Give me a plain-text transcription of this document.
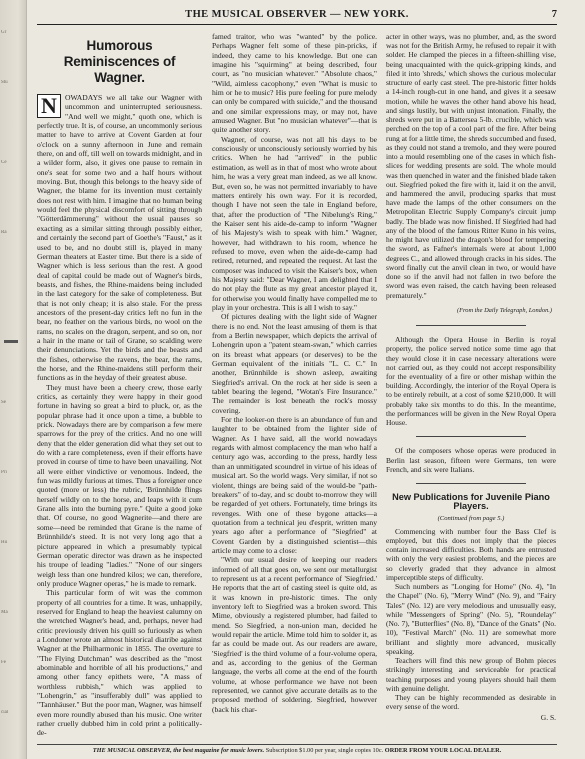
Gr
Stu
Ce
Ra
Se
Pri
Hu
Ma
Fe
cial
THE MUSICAL OBSERVER — NEW YORK.	7
Humorous Reminiscences of Wagner.

N	OWADAYS we all take our Wagner with uncommon and uninterrupted seriousness. "And well we might," quoth one, which is perfectly true. It is, of course, an uncommonly serious matter to have to arrive at Covent Garden at four o'clock on a sunny afternoon in June and remain there, on and off, till well on towards midnight, and in a wilder form, also, it gives one pause to remain in one's seat for some two and a half hours without moving. But, though this belongs to the heavy side of Wagner, the blame for its invention must certainly does not rest with him. I imagine that no human being would feel the physical discomfort of sitting through "Götterdämmerung" without the usual pauses so exacting as a similar sitting through possibly either, and certainly the second part of Goethe's "Faust," as it used to be, and no doubt still is, played in many German theaters at Easter time. But there is a side of Wagner which is less serious than the rest. A good deal of capital could be made out of Wagner's birds, beasts, and fishes, the Rhine-maidens being included in the last category for the sake of completeness. But that is not only cheap; it is also stale. For the press ancestors of the present-day critics left no fun in the bear, no feather on the various birds, no wool on the rams, no scales on the dragon, serpent, and so on, nor a hair in the mane or tail of Grane, so scalding were their denunciations. Yet the birds and the beasts and the fishes, otherwise the ravens, the bear, the rams, the horse, and the Rhine-maidens still perform their functions as in the heyday of their greatest abuse.

They must have been a cheery crew, those early critics, as certainly they were happy in their good fortune in having so great a bird to pluck, or, as the popular phrase had it once upon a time, a bubble to prick. Nowadays there are by comparison a few mere sparrows for the prey of the critics. And no one will deny that the elder generation did what they set out to do with a rare completeness, even if their efforts have proved in course of time to have been unavailing. Not all were either vindictive or venomous. Indeed, the fun was mildly furious at times. Thus a foreigner once quoted (more or less) the rubric, 'Brünnhilde flings herself wildly on to the horse, and leaps with it cum Grane alls into the burning pyre." Quite a good joke that. Of course, no good Wagnerite—and there are some—need be reminded that Grane is the name of Brünnhilde's steed. It is not very long ago that a picture appeared in which a presumably typical German operatic director was drawn as he inspected his troupe of leading "ladies." "None of our singers weigh less than one hundred kilos; we can, therefore, only produce Wagner operas," he is made to remark.

This particular form of wit was the common property of all countries for a time. It was, unhappily, reserved for England to heap the heaviest calumny on the wretched Wagner's head, and, perhaps, never had critic previously driven his quill so furiously as when a Londoner wrote an almost historical diatribe against Wagner at the Philharmonic in 1855. The overture to "The Flying Dutchman" was described as the "most abominable and horrible of all his productions," and among other fancy epithets were, "A mass of worthless rubbish," which was applied to "Lohengrin," as "insufferably dull" was applied to "Tannhäuser." But the poor man, Wagner, was himself even more roundly abused than his music. One writer rather cruelly dubbed him in cold print a politically-de-

famed traitor, who was "wanted" by the police. Perhaps Wagner felt some of these pin-pricks, if indeed, they came to his knowledge. But one can imagine his "squirming" at being described, four court, as "no musician whatever." "Absolute chaos," "Wild, aimless cacophony," even "What is music to him or he to music? His pure feeling for pure melody can only be compared with suicide," and the thousand and one similar expressions may, or may not, have amused Wagner. But "no musician whatever"—that is quite another story.

Wagner, of course, was not all his days to be consciously or unconsciously seriously worried by his critics. When he had "arrived" in the public estimation, as well as in that of most who wrote about him, he was a very great man indeed, as we all know. But, even so, he was not permitted invariably to have matters entirely his own way. For it is recorded, though I have not seen the tale in England before, that, after the production of "The Nibelung's Ring," the Kaiser sent his aide-de-camp to inform "Wagner of his Majesty's wish to speak with him." Wagner, however, had withdrawn to his room, whence he refused to move, even when the aide-de-camp had retired, returned, and repeated the request. At last the composer was induced to visit the Kaiser's box, when his Majesty said: "Dear Wagner, I am delighted that I do not play the flute as my great ancestor played it, for otherwise you would finally have compelled me to play in your orchestra. This is all I wish to say."

Of pictures dealing with the light side of Wagner there is no end. Not the least amusing of them is that from a Berlin newspaper, which depicts the arrival of Lohengrin upon a "patent steam-swan," which carries on its breast what appears (or deserves) to be the German equivalent of the initials "L. C. C." In another, Brünnhilde is shown asleep, awaiting Siegfried's arrival. On the rock at her side is seen a tablet bearing the legend, "Wotan's Fire Insurance." The remainder is lost beneath the rock's mossy covering.

For the looker-on there is an abundance of fun and laughter to be obtained from the lighter side of Wagner. As I have said, all the world nowadays regards with almost complacency the man who half a century ago was, according to the press, hardly less than an unmitigated scoundrel in virtue of his ideas of musical art. So the world wags. Very similar, if not so violent, things are being said of the would-be "path-breakers" of to-day, and sc doubt to-morrow they will be regarded of yet others. Fortunately, time brings its revenges. With one of these bygone attacks—a quotation from a technical jeu d'esprit, written many years ago after a performance of "Siegfried" at Covent Garden by a distinguished scientist—this article may come to a close:

"With our usual desire of keeping our readers informed of all that goes on, we sent our metallurgist to represent us at a recent performance of 'Siegfried.' He reports that the art of casting steel is quite old, as it was known in pre-historic times. The only inventory left to Siegfried was a broken sword. This Mime, obviously a registered plumber, had failed to mend. So Siegfried, a non-union man, decided he would repair the article. Mime told him to solder it, as far as could be made out. As our readers are aware, 'Siegfried' is the third volume of a four-volume opera, and as, according to the genius of the German language, the verbs all come at the end of the fourth volume, at whose performance we have not been represented, we cannot give accurate details as to the proposed method of soldering. Siegfried, however (back his char-

acter in other ways, was no plumber, and, as the sword was not for the British Army, he refused to repair it with solder. He clamped the pieces in a fifteen-shilling vise, being unacquainted with the quick-gripping kinds, and filed it into 'shreds,' which shows the curious molecular structure of early cast steel. The pre-historic fitter holds a 14-inch rough-cut in one hand, and gives it a seesaw motion, while he waves the other hand above his head, and sings lustily, but with unjust intonation. Finally, the shreds were put in a Battersea 5-lb. crucible, which was perched on the top of a cool part of the fire. After being rung at for a little time, the shreds succumbed and fused, as they could not stand a tremolo, and they were poured into a mould resembling one of the cases in which fish-slices for wedding presents are sold. The whole mould was then quenched in water and the finished blade taken out. Siegfried poked the fire with it, laid it on the anvil, and hammered the anvil, producing sparks that must have made the lamps of the other consumers on the Metropolitan Electric Supply Company's circuit jump badly. The blade was now finished. If Siegfried had had any of the blood of the famous Ritter Kuno in his veins, he might have utilized the dragon's blood for tempering the sword, as Fafner's internals were at about 1,000 degrees C., and allowed through cracks in his sides. The sword finally cut the anvil clean in two, or would have done so if the anvil had not fallen in two before the sword was even raised, the catch having been released prematurely."

(From the Daily Telegraph, London.)

Although the Opera House in Berlin is royal property, the police served notice some time ago that they would close it in case necessary alterations were not carried out, as they could not accept responsibility for the eventuality of a fire or other mishap within the building. Accordingly, the interior of the Royal Opera is to be entirely rebuilt, at a cost of some $210,000. It will probably take six months to do this. In the meantime, the performances will be given in the New Royal Opera House.

Of the composers whose operas were produced in Berlin last season, fifteen were Germans, ten were French, and six were Italians.

New Publications for Juvenile Piano Players.
(Continued from page 5.)

Commencing with number four the Bass Clef is employed, but this does not imply that the pieces contain increased difficulties. Both hands are entrusted with only the very easiest problems, and the pieces are so cleverly graded that they advance in almost imperceptible steps of difficulty.

Such numbers as "Longing for Home" (No. 4), "In the Chapel" (No. 6), "Merry Wind" (No. 9), and "Fairy Tales" (No. 12) are very melodious and unusually easy, while "Messengers of Spring" (No. 5), "Roundelay" (No. 7), "Butterflies" (No. 8), "Dance of the Gnats" (No. 10), "Festival March" (No. 11) are somewhat more brilliant and slightly more advanced, musically speaking.

Teachers will find this new group of Bohm pieces strikingly interesting and serviceable for practical teaching purposes and young players should hail them with genuine delight.

They can be highly recommended as desirable in every sense of the word.

G. S.
THE MUSICAL OBSERVER, the best magazine for music lovers. Subscription $1.00 per year, single copies 10c. ORDER FROM YOUR LOCAL DEALER.
